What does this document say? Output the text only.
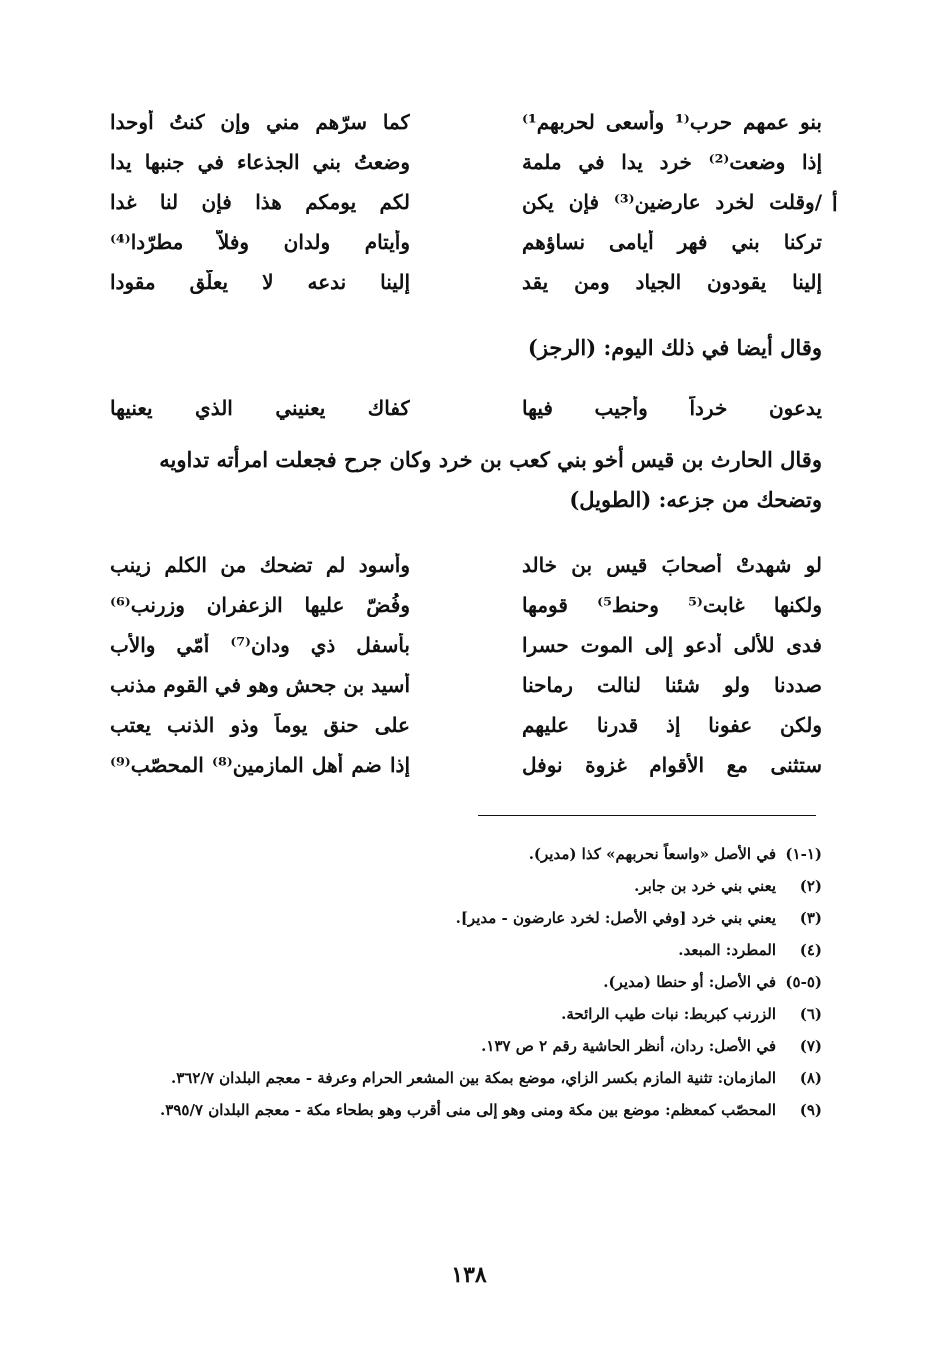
بنو عمهم حرب⁽¹ وأسعى لحربهم¹⁾
كما سرّهم مني وإن كنتُ أوحدا
إذا وضعت⁽²⁾ خرد يدا في ملمة
وضعتُ بني الجذعاء في جنبها يدا
/وقلت لخرد عارضين⁽³⁾ فإن يكن
لكم يومكم هذا فإن لنا غدا
تركنا بني فهر أيامى نساؤهم
وأيتام ولدان وفلاّ مطرّدا⁽⁴⁾
إلينا يقودون الجياد ومن يقد
إلينا ندعه لا يعلّق مقودا
أ
وقال أيضا في ذلك اليوم: (الرجز)
يدعون خرداً وأجيب فيها
كفاك يعنيني الذي يعنيها
وقال الحارث بن قيس أخو بني كعب بن خرد وكان جرح فجعلت امرأته تداويه وتضحك من جزعه: (الطويل)
لو شهدتْ أصحابَ قيس بن خالد
وأسود لم تضحك من الكلم زينب
ولكنها غابت⁽⁵ وحنط⁵⁾ قومها
وفُضّ عليها الزعفران وزرنب⁽⁶⁾
فدى للألى أدعو إلى الموت حسرا
بأسفل ذي ودان⁽⁷⁾ أمّي والأب
صددنا ولو شئنا لنالت رماحنا
أسيد بن جحش وهو في القوم مذنب
ولكن عفونا إذ قدرنا عليهم
على حنق يوماً وذو الذنب يعتب
ستثنى مع الأقوام غزوة نوفل
إذا ضم أهل المازمين⁽⁸⁾ المحصّب⁽⁹⁾
(١-١)
في الأصل «واسعاً نحربهم» كذا (مدير).
(٢)
يعني بني خرد بن جابر.
(٣)
يعني بني خرد [وفي الأصل: لخرد عارضون - مدير].
(٤)
المطرد: المبعد.
(٥-٥)
في الأصل: أو حنطا (مدير).
(٦)
الزرنب كبربط: نبات طيب الرائحة.
(٧)
في الأصل: ردان، أنظر الحاشية رقم ٢ ص ١٣٧.
(٨)
المازمان: تثنية المازم بكسر الزاي، موضع بمكة بين المشعر الحرام وعرفة - معجم البلدان ٣٦٢/٧.
(٩)
المحصّب كمعظم: موضع بين مكة ومنى وهو إلى منى أقرب وهو بطحاء مكة - معجم البلدان ٣٩٥/٧.
١٣٨
